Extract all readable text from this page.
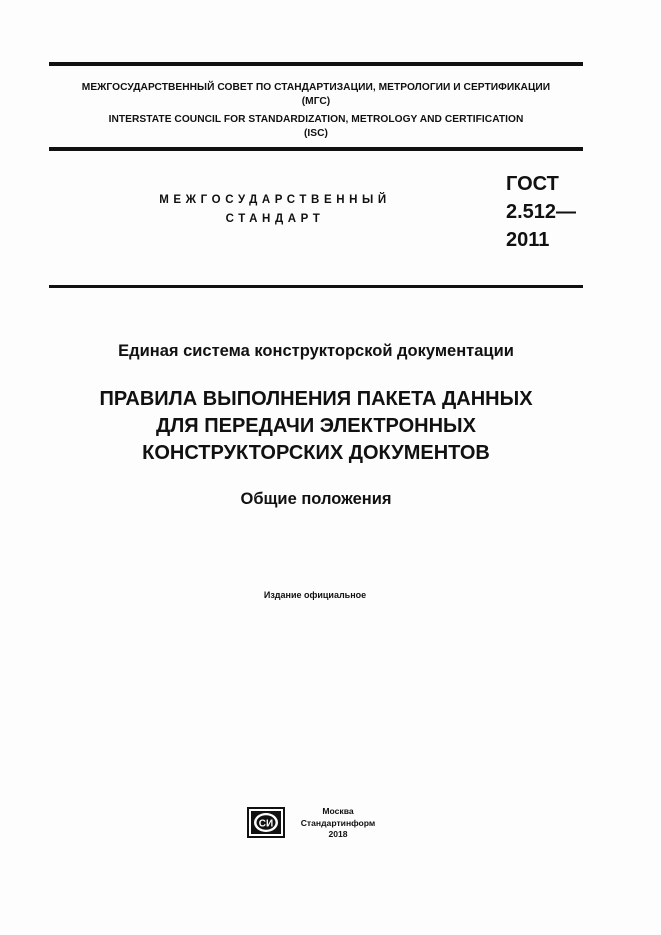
МЕЖГОСУДАРСТВЕННЫЙ СОВЕТ ПО СТАНДАРТИЗАЦИИ, МЕТРОЛОГИИ И СЕРТИФИКАЦИИ
(МГС)
INTERSTATE COUNCIL FOR STANDARDIZATION, METROLOGY AND CERTIFICATION
(ISC)
МЕЖГОСУДАРСТВЕННЫЙ
СТАНДАРТ
ГОСТ
2.512—
2011
Единая система конструкторской документации
ПРАВИЛА ВЫПОЛНЕНИЯ ПАКЕТА ДАННЫХ
ДЛЯ ПЕРЕДАЧИ ЭЛЕКТРОННЫХ
КОНСТРУКТОРСКИХ ДОКУМЕНТОВ
Общие положения
Издание официальное
СИ
Москва
Стандартинформ
2018
